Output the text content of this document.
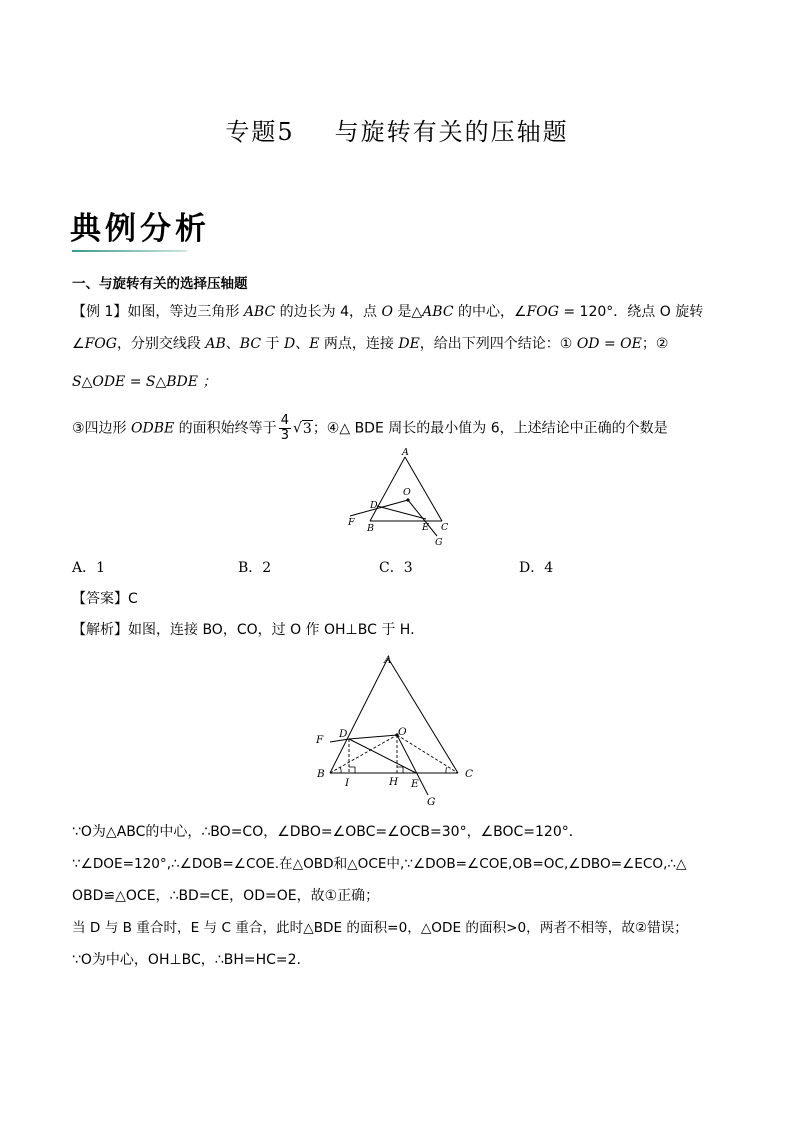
专题5 与旋转有关的压轴题
典例分析
一、与旋转有关的选择压轴题
【例 1】如图，等边三角形 ABC 的边长为 4，点 O 是△ABC 的中心，∠FOG = 120°．绕点 O 旋转
∠FOG，分别交线段 AB、BC 于 D、E 两点，连接 DE，给出下列四个结论：① OD = OE；②
S△ODE = S△BDE ；
③四边形 ODBE 的面积始终等于 $\frac{4}{3} √3$；④△ BDE 周长的最小值为 6，上述结论中正确的个数是
A
O
D
F
B	E C
G
A．1	B．2	C．3	D．4
【答案】C
【解析】如图，连接 BO，CO，过 O 作 OH⊥BC 于 H．
A
O
D
F
B
I	H E
C
G
∵O为△ABC的中心，∴BO=CO，∠DBO=∠OBC=∠OCB=30°，∠BOC=120°．
∵∠DOE=120°,∴∠DOB=∠COE.在△OBD和△OCE中,∵∠DOB=∠COE,OB=OC,∠DBO=∠ECO,∴△
OBD≌△OCE，∴BD=CE，OD=OE，故①正确；
当 D 与 B 重合时，E 与 C 重合，此时△BDE 的面积=0，△ODE 的面积>0，两者不相等，故②错误；
∵O为中心，OH⊥BC，∴BH=HC=2.
